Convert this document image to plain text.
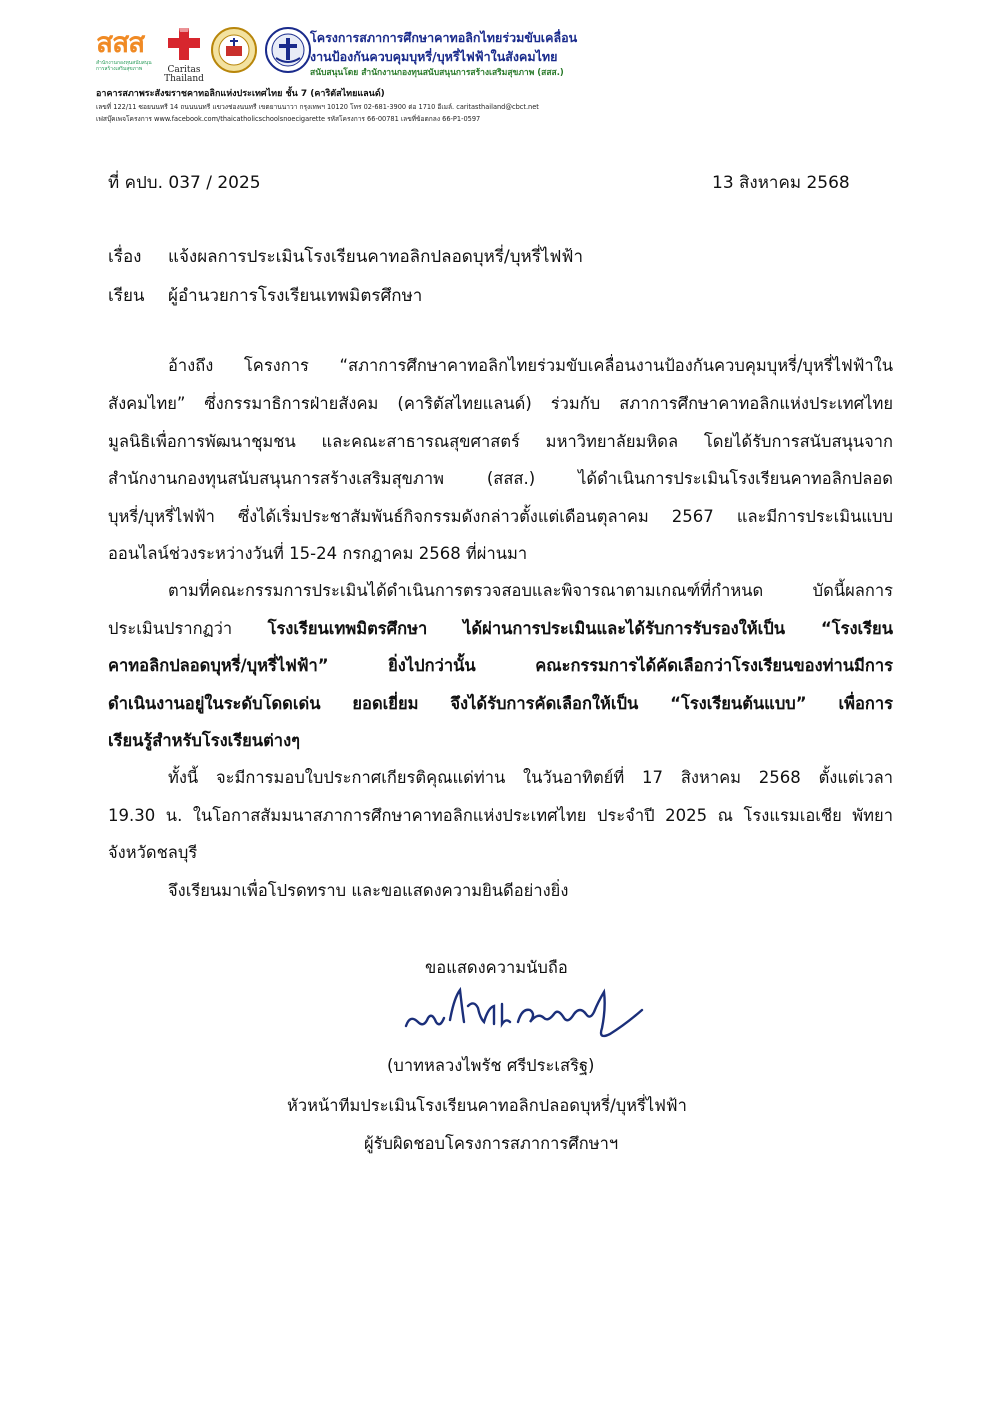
สสส
สำนักงานกองทุนสนับสนุนการสร้างเสริมสุขภาพ	Caritas Thailand
โครงการสภาการศึกษาคาทอลิกไทยร่วมขับเคลื่อน
งานป้องกันควบคุมบุหรี่/บุหรี่ไฟฟ้าในสังคมไทย
สนับสนุนโดย สำนักงานกองทุนสนับสนุนการสร้างเสริมสุขภาพ (สสส.)
อาคารสภาพระสังฆราชคาทอลิกแห่งประเทศไทย ชั้น 7 (คาริตัสไทยแลนด์)
เลขที่ 122/11 ซอยนนทรี 14 ถนนนนทรี แขวงช่องนนทรี เขตยานนาวา กรุงเทพฯ 10120 โทร 02-681-3900 ต่อ 1710 อีเมล์. caritasthailand@cbct.net
เฟสบุ๊คเพจโครงการ www.facebook.com/thaicatholicschoolsnoecigarette รหัสโครงการ 66-00781 เลขที่ข้อตกลง 66-P1-0597
ที่ คปบ. 037 / 2025	13 สิงหาคม 2568
เรื่อง แจ้งผลการประเมินโรงเรียนคาทอลิกปลอดบุหรี่/บุหรี่ไฟฟ้า
เรียน ผู้อำนวยการโรงเรียนเทพมิตรศึกษา
อ้างถึง โครงการ “สภาการศึกษาคาทอลิกไทยร่วมขับเคลื่อนงานป้องกันควบคุมบุหรี่/บุหรี่ไฟฟ้าใน
สังคมไทย” ซึ่งกรรมาธิการฝ่ายสังคม (คาริตัสไทยแลนด์) ร่วมกับ สภาการศึกษาคาทอลิกแห่งประเทศไทย
มูลนิธิเพื่อการพัฒนาชุมชน และคณะสาธารณสุขศาสตร์ มหาวิทยาลัยมหิดล โดยได้รับการสนับสนุนจาก
สำนักงานกองทุนสนับสนุนการสร้างเสริมสุขภาพ (สสส.) ได้ดำเนินการประเมินโรงเรียนคาทอลิกปลอด
บุหรี่/บุหรี่ไฟฟ้า ซึ่งได้เริ่มประชาสัมพันธ์กิจกรรมดังกล่าวตั้งแต่เดือนตุลาคม 2567 และมีการประเมินแบบ
ออนไลน์ช่วงระหว่างวันที่ 15-24 กรกฎาคม 2568 ที่ผ่านมา
ตามที่คณะกรรมการประเมินได้ดำเนินการตรวจสอบและพิจารณาตามเกณฑ์ที่กำหนด บัดนี้ผลการ
ประเมินปรากฏว่า โรงเรียนเทพมิตรศึกษา ได้ผ่านการประเมินและได้รับการรับรองให้เป็น “โรงเรียน
คาทอลิกปลอดบุหรี่/บุหรี่ไฟฟ้า” ยิ่งไปกว่านั้น คณะกรรมการได้คัดเลือกว่าโรงเรียนของท่านมีการ
ดำเนินงานอยู่ในระดับโดดเด่น ยอดเยี่ยม จึงได้รับการคัดเลือกให้เป็น “โรงเรียนต้นแบบ” เพื่อการ
เรียนรู้สำหรับโรงเรียนต่างๆ
ทั้งนี้ จะมีการมอบใบประกาศเกียรติคุณแด่ท่าน ในวันอาทิตย์ที่ 17 สิงหาคม 2568 ตั้งแต่เวลา
19.30 น. ในโอกาสสัมมนาสภาการศึกษาคาทอลิกแห่งประเทศไทย ประจำปี 2025 ณ โรงแรมเอเชีย พัทยา
จังหวัดชลบุรี
จึงเรียนมาเพื่อโปรดทราบ และขอแสดงความยินดีอย่างยิ่ง
ขอแสดงความนับถือ
(บาทหลวงไพรัช ศรีประเสริฐ)
หัวหน้าทีมประเมินโรงเรียนคาทอลิกปลอดบุหรี่/บุหรี่ไฟฟ้า
ผู้รับผิดชอบโครงการสภาการศึกษาฯ
